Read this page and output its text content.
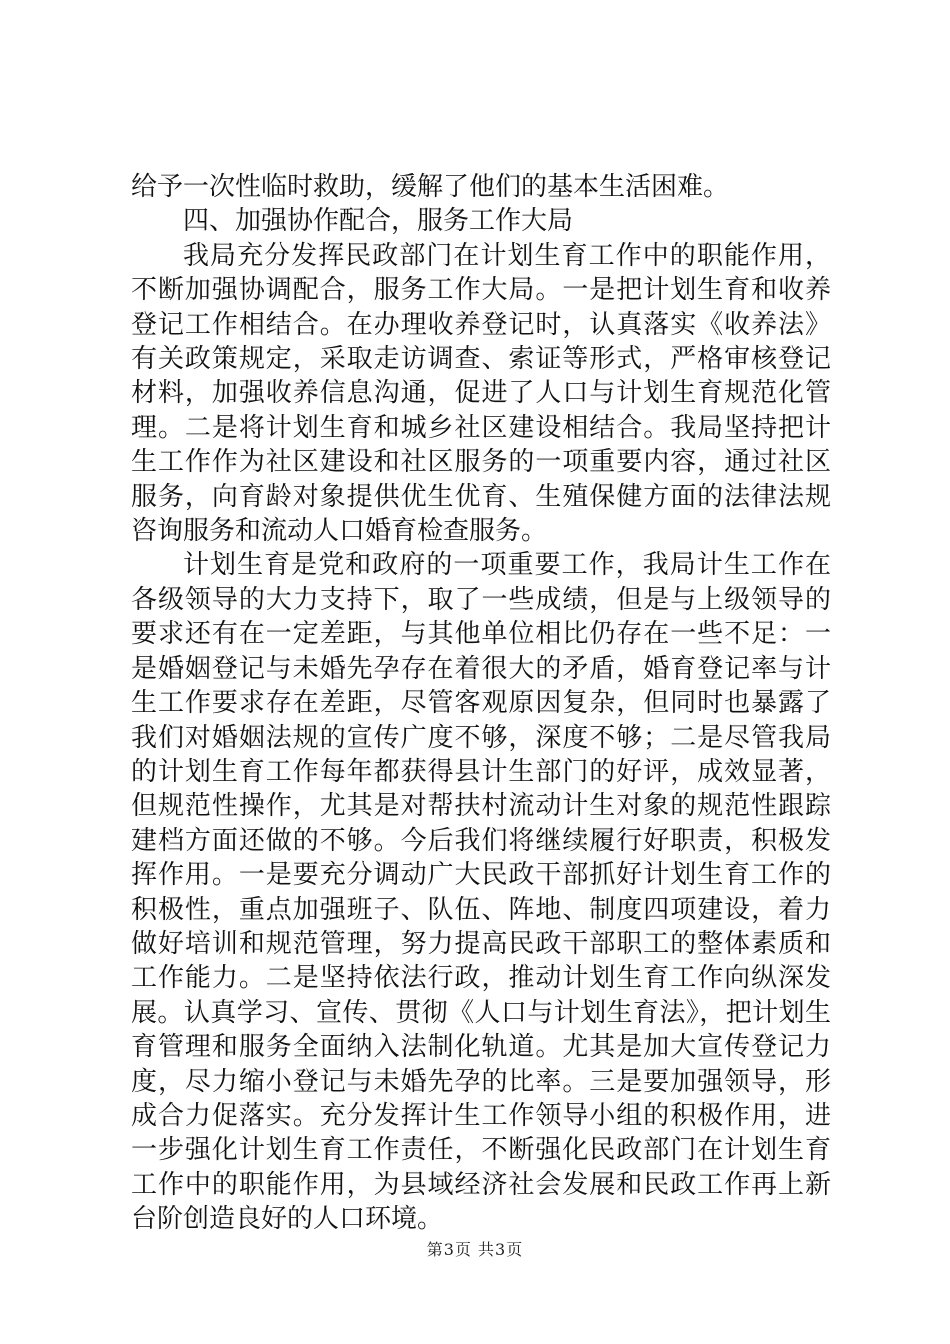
给予一次性临时救助，缓解了他们的基本生活困难。

四、加强协作配合，服务工作大局

我局充分发挥民政部门在计划生育工作中的职能作用，不断加强协调配合，服务工作大局。一是把计划生育和收养登记工作相结合。在办理收养登记时，认真落实《收养法》有关政策规定，采取走访调查、索证等形式，严格审核登记材料，加强收养信息沟通，促进了人口与计划生育规范化管理。二是将计划生育和城乡社区建设相结合。我局坚持把计生工作作为社区建设和社区服务的一项重要内容，通过社区服务，向育龄对象提供优生优育、生殖保健方面的法律法规咨询服务和流动人口婚育检查服务。

计划生育是党和政府的一项重要工作，我局计生工作在各级领导的大力支持下，取了一些成绩，但是与上级领导的要求还有在一定差距，与其他单位相比仍存在一些不足：一是婚姻登记与未婚先孕存在着很大的矛盾，婚育登记率与计生工作要求存在差距，尽管客观原因复杂，但同时也暴露了我们对婚姻法规的宣传广度不够，深度不够；二是尽管我局的计划生育工作每年都获得县计生部门的好评，成效显著，但规范性操作，尤其是对帮扶村流动计生对象的规范性跟踪建档方面还做的不够。今后我们将继续履行好职责，积极发挥作用。一是要充分调动广大民政干部抓好计划生育工作的积极性，重点加强班子、队伍、阵地、制度四项建设，着力做好培训和规范管理，努力提高民政干部职工的整体素质和工作能力。二是坚持依法行政，推动计划生育工作向纵深发展。认真学习、宣传、贯彻《人口与计划生育法》，把计划生育管理和服务全面纳入法制化轨道。尤其是加大宣传登记力度，尽力缩小登记与未婚先孕的比率。三是要加强领导，形成合力促落实。充分发挥计生工作领导小组的积极作用，进一步强化计划生育工作责任，不断强化民政部门在计划生育工作中的职能作用，为县域经济社会发展和民政工作再上新台阶创造良好的人口环境。

第3页 共3页
